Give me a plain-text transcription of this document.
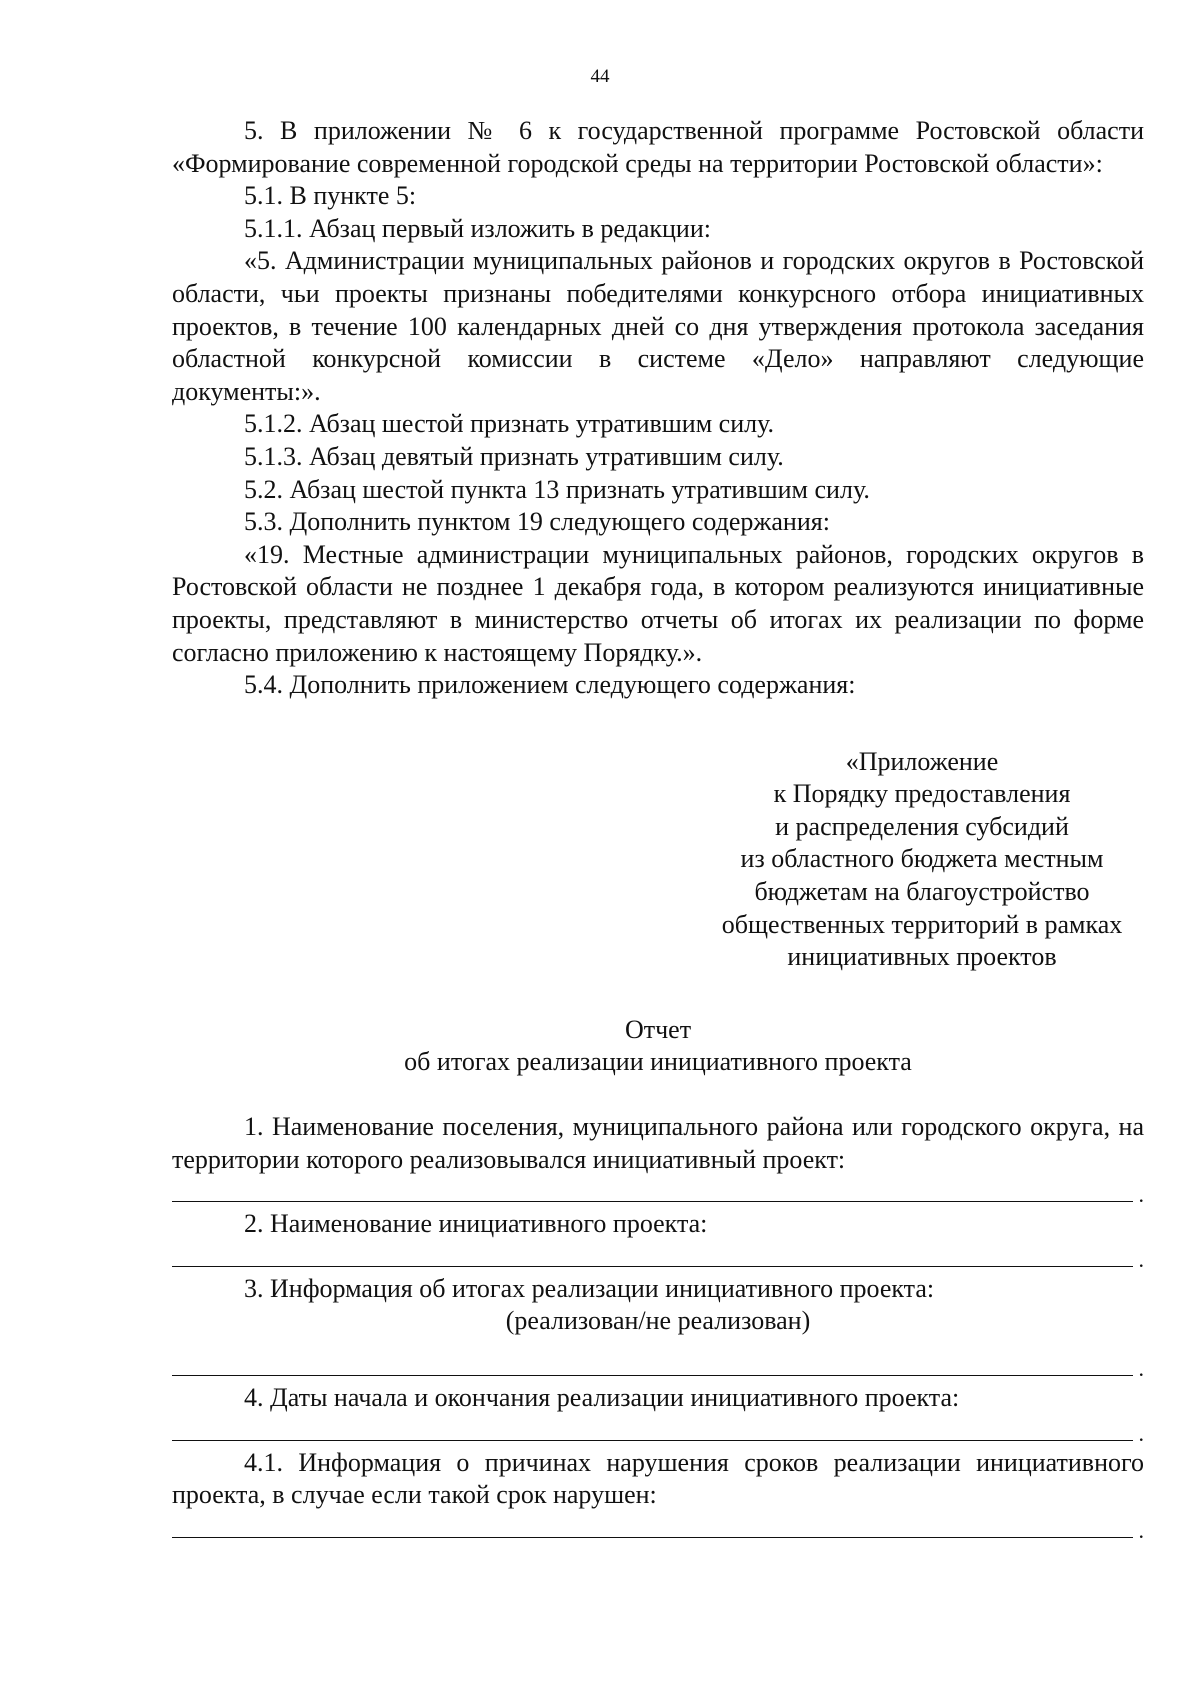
44

5. В приложении № 6 к государственной программе Ростовской области «Формирование современной городской среды на территории Ростовской области»:

5.1. В пункте 5:

5.1.1. Абзац первый изложить в редакции:

«5. Администрации муниципальных районов и городских округов в Ростовской области, чьи проекты признаны победителями конкурсного отбора инициативных проектов, в течение 100 календарных дней со дня утверждения протокола заседания областной конкурсной комиссии в системе «Дело» направляют следующие документы:».

5.1.2. Абзац шестой признать утратившим силу.

5.1.3. Абзац девятый признать утратившим силу.

5.2. Абзац шестой пункта 13 признать утратившим силу.

5.3. Дополнить пунктом 19 следующего содержания:

«19. Местные администрации муниципальных районов, городских округов в Ростовской области не позднее 1 декабря года, в котором реализуются инициативные проекты, представляют в министерство отчеты об итогах их реализации по форме согласно приложению к настоящему Порядку.».

5.4. Дополнить приложением следующего содержания:

«Приложение
к Порядку предоставления
и распределения субсидий
из областного бюджета местным
бюджетам на благоустройство
общественных территорий в рамках
инициативных проектов
Отчет
об итогах реализации инициативного проекта

1. Наименование поселения, муниципального района или городского округа, на территории которого реализовывался инициативный проект:

.

2. Наименование инициативного проекта:

.

3. Информация об итогах реализации инициативного проекта:

(реализован/не реализован)
.

4. Даты начала и окончания реализации инициативного проекта:

.

4.1. Информация о причинах нарушения сроков реализации инициативного проекта, в случае если такой срок нарушен:

.
